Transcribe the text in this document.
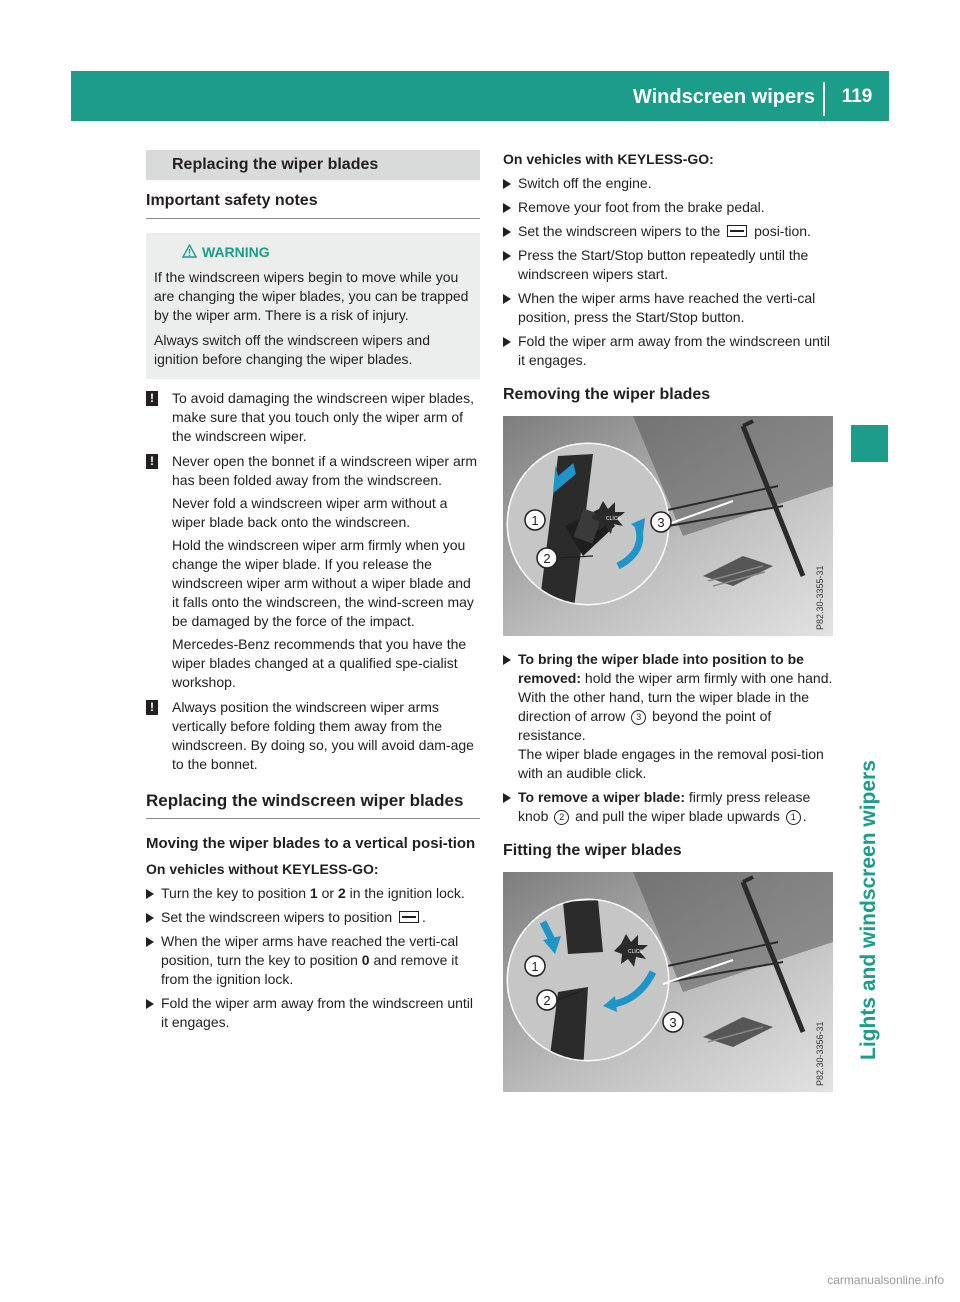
Windscreen wipers	119
Lights and windscreen wipers
Replacing the wiper blades
Important safety notes
WARNING

If the windscreen wipers begin to move while you are changing the wiper blades, you can be trapped by the wiper arm. There is a risk of injury.

Always switch off the windscreen wipers and ignition before changing the wiper blades.

! To avoid damaging the windscreen wiper blades, make sure that you touch only the wiper arm of the windscreen wiper.

! Never open the bonnet if a windscreen wiper arm has been folded away from the windscreen.

Never fold a windscreen wiper arm without a wiper blade back onto the windscreen.

Hold the windscreen wiper arm firmly when you change the wiper blade. If you release the windscreen wiper arm without a wiper blade and it falls onto the windscreen, the wind-screen may be damaged by the force of the impact.

Mercedes-Benz recommends that you have the wiper blades changed at a qualified spe-cialist workshop.

! Always position the windscreen wiper arms vertically before folding them away from the windscreen. By doing so, you will avoid dam-age to the bonnet.

Replacing the windscreen wiper blades
Moving the wiper blades to a vertical posi-tion
On vehicles without KEYLESS-GO:
Turn the key to position 1 or 2 in the ignition lock.
Set the windscreen wipers to position .
When the wiper arms have reached the verti-cal position, turn the key to position 0 and remove it from the ignition lock.
Fold the wiper arm away from the windscreen until it engages.
On vehicles with KEYLESS-GO:
Switch off the engine.
Remove your foot from the brake pedal.
Set the windscreen wipers to the  posi-tion.
Press the Start/Stop button repeatedly until the windscreen wipers start.
When the wiper arms have reached the verti-cal position, press the Start/Stop button.
Fold the wiper arm away from the windscreen until it engages.
Removing the wiper blades
CLICK
1
2
3
P82.30-3355-31
To bring the wiper blade into position to be removed: hold the wiper arm firmly with one hand. With the other hand, turn the wiper blade in the direction of arrow 3 beyond the point of resistance.
The wiper blade engages in the removal posi-tion with an audible click.
To remove a wiper blade: firmly press release knob 2 and pull the wiper blade upwards 1 .
Fitting the wiper blades
CLICK
1
2
3	P82.30-3356-31
carmanualsonline.info
